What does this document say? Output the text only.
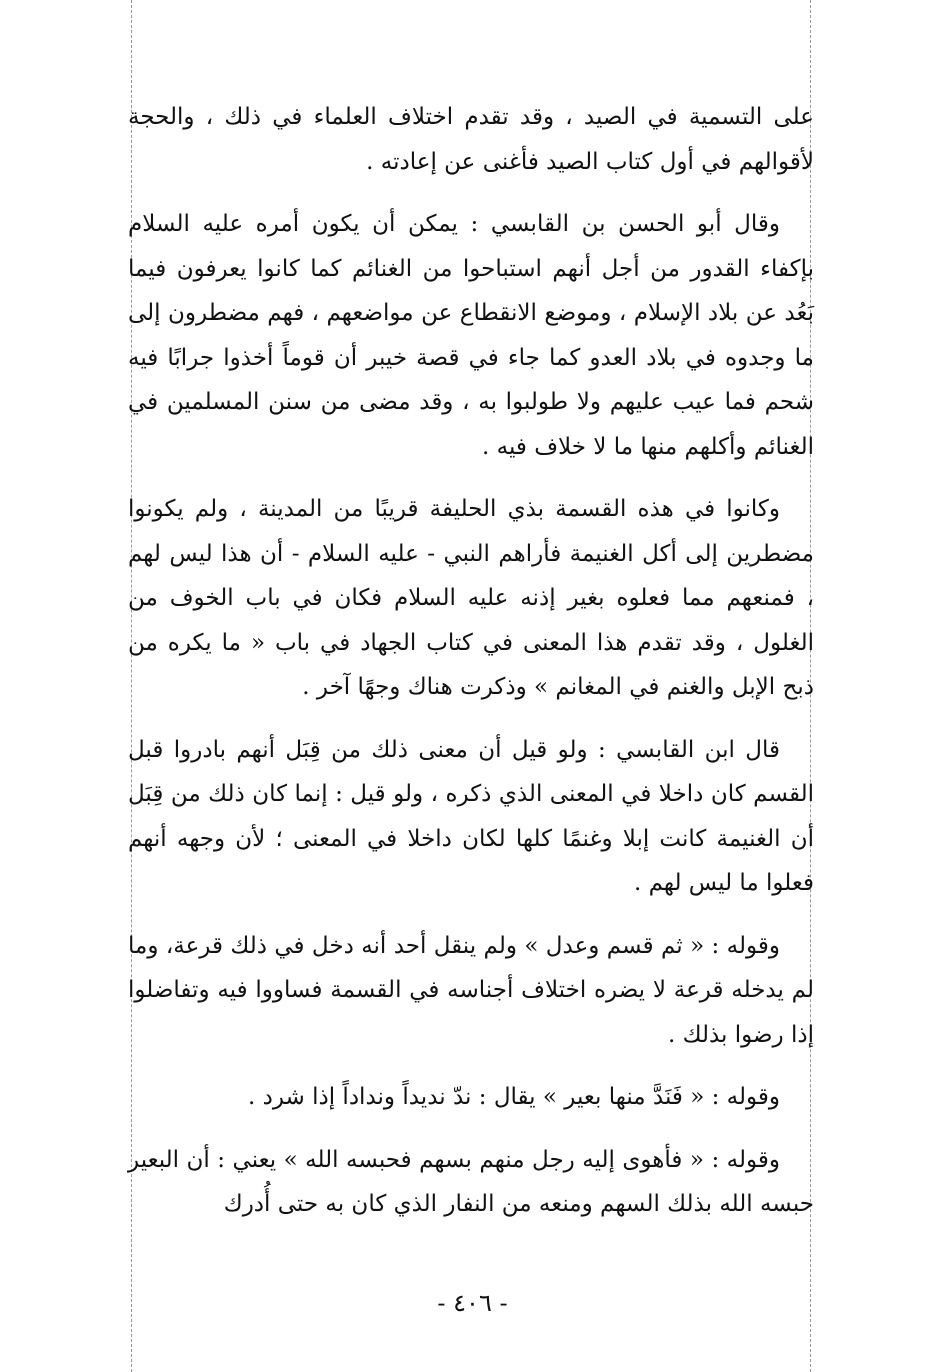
على التسمية في الصيد ، وقد تقدم اختلاف العلماء في ذلك ، والحجة لأقوالهم في أول كتاب الصيد فأغنى عن إعادته .

وقال أبو الحسن بن القابسي : يمكن أن يكون أمره عليه السلام بإكفاء القدور من أجل أنهم استباحوا من الغنائم كما كانوا يعرفون فيما بَعُد عن بلاد الإسلام ، وموضع الانقطاع عن مواضعهم ، فهم مضطرون إلى ما وجدوه في بلاد العدو كما جاء في قصة خيبر أن قوماً أخذوا جرابًا فيه شحم فما عيب عليهم ولا طولبوا به ، وقد مضى من سنن المسلمين في الغنائم وأكلهم منها ما لا خلاف فيه .

وكانوا في هذه القسمة بذي الحليفة قريبًا من المدينة ، ولم يكونوا مضطرين إلى أكل الغنيمة فأراهم النبي - عليه السلام - أن هذا ليس لهم ، فمنعهم مما فعلوه بغير إذنه عليه السلام فكان في باب الخوف من الغلول ، وقد تقدم هذا المعنى في كتاب الجهاد في باب « ما يكره من ذبح الإبل والغنم في المغانم » وذكرت هناك وجهًا آخر .

قال ابن القابسي : ولو قيل أن معنى ذلك من قِبَل أنهم بادروا قبل القسم كان داخلا في المعنى الذي ذكره ، ولو قيل : إنما كان ذلك من قِبَل أن الغنيمة كانت إبلا وغنمًا كلها لكان داخلا في المعنى ؛ لأن وجهه أنهم فعلوا ما ليس لهم .

وقوله : « ثم قسم وعدل » ولم ينقل أحد أنه دخل في ذلك قرعة، وما لم يدخله قرعة لا يضره اختلاف أجناسه في القسمة فساووا فيه وتفاضلوا إذا رضوا بذلك .

وقوله : « فَنَدَّ منها بعير » يقال : ندّ نديداً ونداداً إذا شرد .

وقوله : « فأهوى إليه رجل منهم بسهم فحبسه الله » يعني : أن البعير حبسه الله بذلك السهم ومنعه من النفار الذي كان به حتى أُدرك

- ٤٠٦ -
